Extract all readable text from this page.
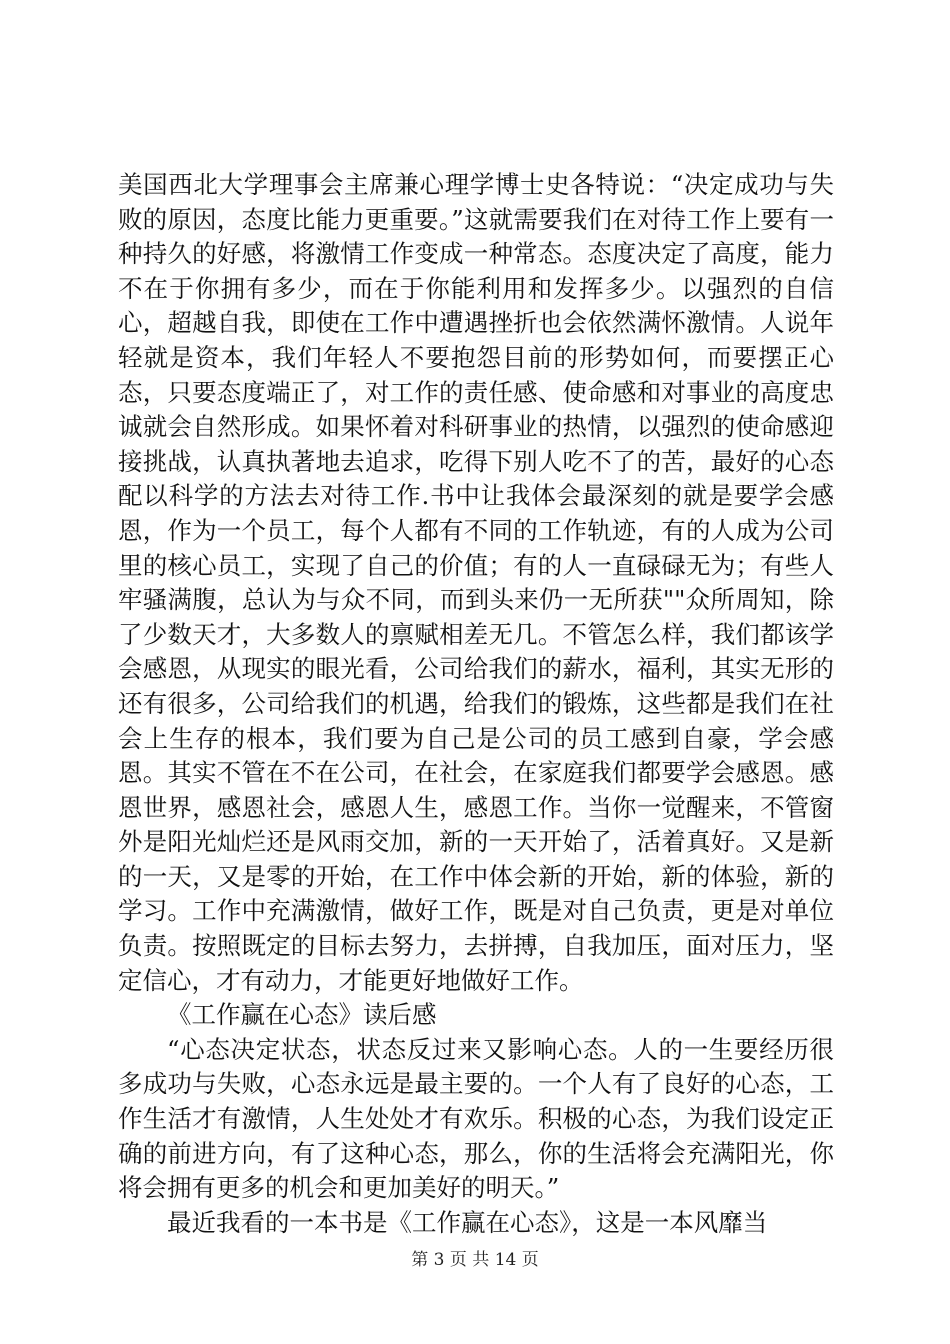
美国西北大学理事会主席兼心理学博士史各特说：“决定成功与失败的原因，态度比能力更重要。”这就需要我们在对待工作上要有一种持久的好感，将激情工作变成一种常态。态度决定了高度，能力不在于你拥有多少，而在于你能利用和发挥多少。以强烈的自信心，超越自我，即使在工作中遭遇挫折也会依然满怀激情。人说年轻就是资本，我们年轻人不要抱怨目前的形势如何，而要摆正心态，只要态度端正了，对工作的责任感、使命感和对事业的高度忠诚就会自然形成。如果怀着对科研事业的热情，以强烈的使命感迎接挑战，认真执著地去追求，吃得下别人吃不了的苦，最好的心态配以科学的方法去对待工作.书中让我体会最深刻的就是要学会感恩，作为一个员工，每个人都有不同的工作轨迹，有的人成为公司里的核心员工，实现了自己的价值；有的人一直碌碌无为；有些人牢骚满腹，总认为与众不同，而到头来仍一无所获""众所周知，除了少数天才，大多数人的禀赋相差无几。不管怎么样，我们都该学会感恩，从现实的眼光看，公司给我们的薪水，福利，其实无形的还有很多，公司给我们的机遇，给我们的锻炼，这些都是我们在社会上生存的根本，我们要为自己是公司的员工感到自豪，学会感恩。其实不管在不在公司，在社会，在家庭我们都要学会感恩。感恩世界，感恩社会，感恩人生，感恩工作。当你一觉醒来，不管窗外是阳光灿烂还是风雨交加，新的一天开始了，活着真好。又是新的一天，又是零的开始，在工作中体会新的开始，新的体验，新的学习。工作中充满激情，做好工作，既是对自己负责，更是对单位负责。按照既定的目标去努力，去拼搏，自我加压，面对压力，坚定信心，才有动力，才能更好地做好工作。

《工作赢在心态》读后感

“心态决定状态，状态反过来又影响心态。人的一生要经历很多成功与失败，心态永远是最主要的。一个人有了良好的心态，工作生活才有激情，人生处处才有欢乐。积极的心态，为我们设定正确的前进方向，有了这种心态，那么，你的生活将会充满阳光，你将会拥有更多的机会和更加美好的明天。”

最近我看的一本书是《工作赢在心态》，这是一本风靡当

第 3 页 共 14 页
